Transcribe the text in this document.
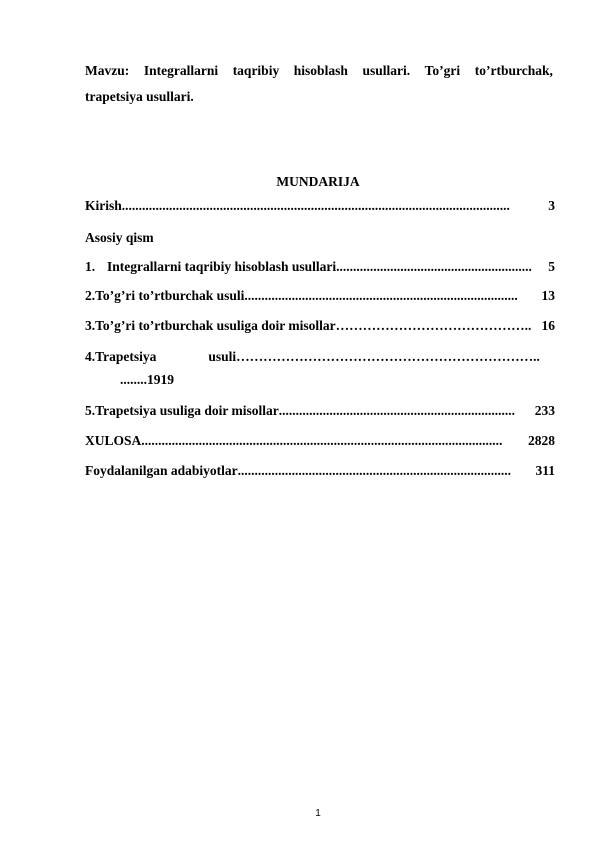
Mavzu: Integrallarni taqribiy hisoblash usullari. To’gri to’rtburchak,
trapetsiya usullari.
MUNDARIJA
Kirish ...................................................................................................................	3
Asosiy qism
1. Integrallarni taqribiy hisoblash usullari ..........................................................	5
2.To’g’ri to’rtburchak usuli .................................................................................	13
3.To’g’ri to’rtburchak usuliga doir misollar …………………………………….. 16
4.Trapetsiya	usuli …………………………………………………………..
........1919
5.Trapetsiya usuliga doir misollar ......................................................................	233
XULOSA ...........................................................................................................	2828
Foydalanilgan adabiyotlar .................................................................................	311
1
